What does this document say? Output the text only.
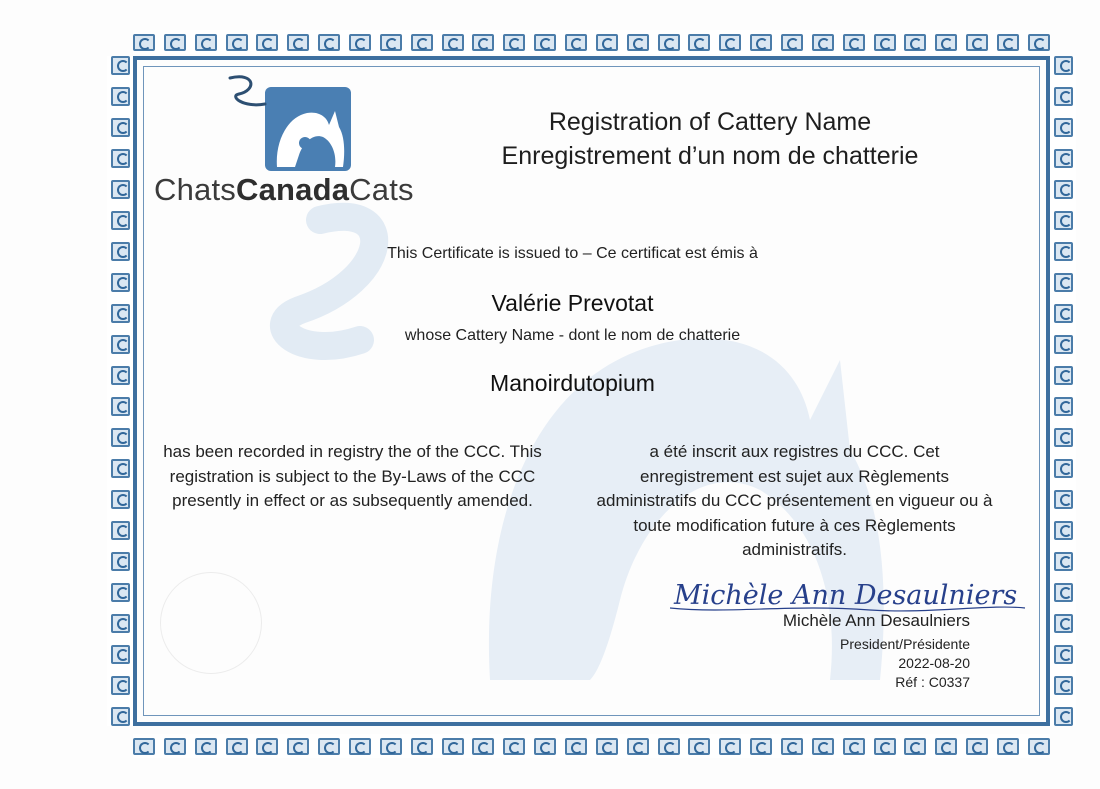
ChatsCanadaCats
Registration of Cattery Name
Enregistrement d’un nom de chatterie
This Certificate is issued to – Ce certificat est émis à
Valérie Prevotat
whose Cattery Name - dont le nom de chatterie
Manoirdutopium
has been recorded in registry the of the CCC. This registration is subject to the By-Laws of the CCC presently in effect or as subsequently amended.
a été inscrit aux registres du CCC. Cet enregistrement est sujet aux Règlements administratifs du CCC présentement en vigueur ou à toute modification future à ces Règlements administratifs.
Michèle Ann Desaulniers
Michèle Ann Desaulniers
President/Présidente
2022-08-20
Réf : C0337
